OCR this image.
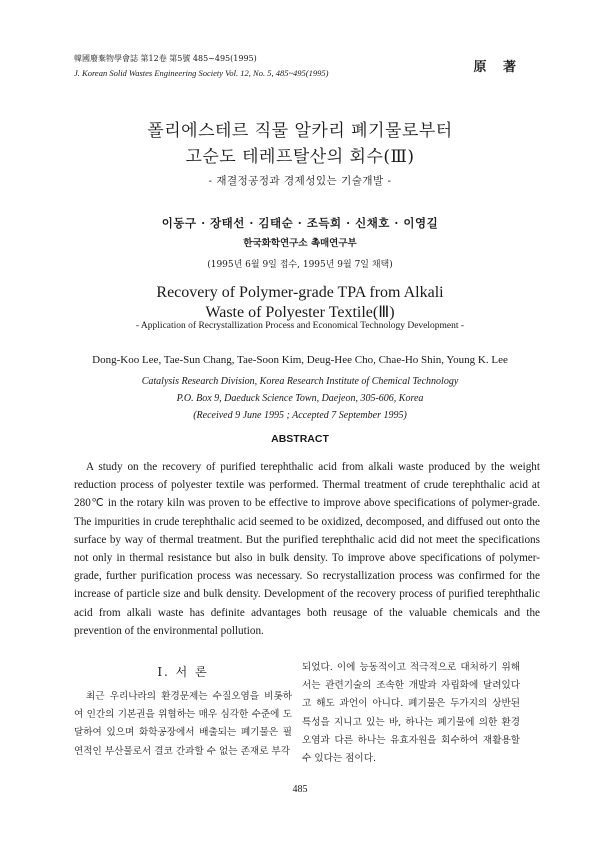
韓國廢棄物學會誌 第12卷 第5號 485~495(1995)
J. Korean Solid Wastes Engineering Society Vol. 12, No. 5, 485~495(1995)	原 著
폴리에스테르 직물 알카리 폐기물로부터
고순도 테레프탈산의 회수(Ⅲ)
- 재결정공정과 경제성있는 기술개발 -
이동구 · 장태선 · 김태순 · 조득희 · 신채호 · 이영길
한국화학연구소 촉매연구부
(1995년 6월 9일 접수, 1995년 9월 7일 채택)
Recovery of Polymer-grade TPA from Alkali
Waste of Polyester Textile(Ⅲ)
- Application of Recrystallization Process and Economical Technology Development -
Dong-Koo Lee, Tae-Sun Chang, Tae-Soon Kim, Deug-Hee Cho, Chae-Ho Shin, Young K. Lee
Catalysis Research Division, Korea Research Institute of Chemical Technology
P.O. Box 9, Daeduck Science Town, Daejeon, 305-606, Korea
(Received 9 June 1995 ; Accepted 7 September 1995)
ABSTRACT

A study on the recovery of purified terephthalic acid from alkali waste produced by the weight reduction process of polyester textile was performed. Thermal treatment of crude terephthalic acid at 280℃ in the rotary kiln was proven to be effective to improve above specifications of polymer-grade. The impurities in crude terephthalic acid seemed to be oxidized, decomposed, and diffused out onto the surface by way of thermal treatment. But the purified terephthalic acid did not meet the specifications not only in thermal resistance but also in bulk density. To improve above specifications of polymer-grade, further purification process was necessary. So recrystallization process was confirmed for the increase of particle size and bulk density. Development of the recovery process of purified terephthalic acid from alkali waste has definite advantages both reusage of the valuable chemicals and the prevention of the environmental pollution.

Ⅰ. 서 론

최근 우리나라의 환경문제는 수질오염을 비롯하여 인간의 기본권을 위협하는 매우 심각한 수준에 도달하여 있으며 화학공장에서 배출되는 폐기물은 필연적인 부산물로서 결코 간과할 수 없는 존재로 부각

되었다. 이에 능동적이고 적극적으로 대처하기 위해서는 관련기술의 조속한 개발과 자립화에 달려있다고 해도 과언이 아니다. 폐기물은 두가지의 상반된 특성을 지니고 있는 바, 하나는 폐기물에 의한 환경오염과 다른 하나는 유효자원을 회수하여 재활용할 수 있다는 점이다.

485
